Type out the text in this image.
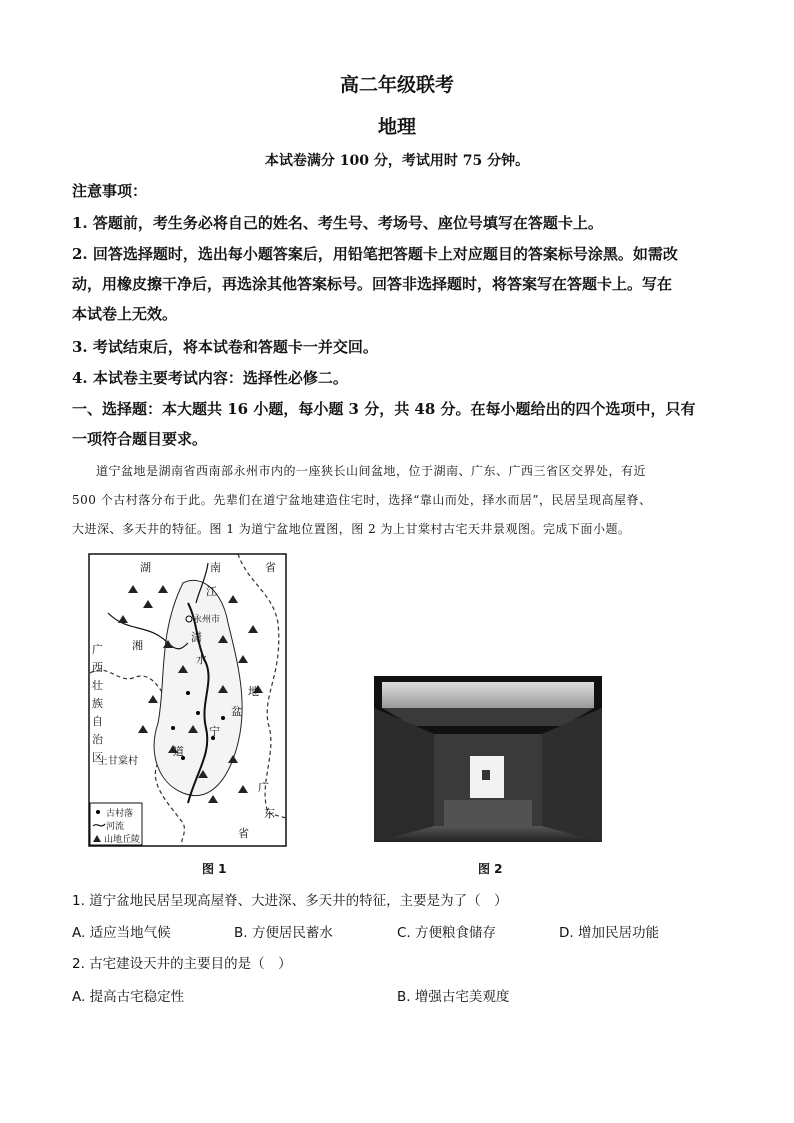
高二年级联考
地理
本试卷满分 100 分，考试用时 75 分钟。
注意事项：
1. 答题前，考生务必将自己的姓名、考生号、考场号、座位号填写在答题卡上。
2. 回答选择题时，选出每小题答案后，用铅笔把答题卡上对应题目的答案标号涂黑。如需改
动，用橡皮擦干净后，再选涂其他答案标号。回答非选择题时，将答案写在答题卡上。写在
本试卷上无效。
3. 考试结束后，将本试卷和答题卡一并交回。
4. 本试卷主要考试内容：选择性必修二。
一、选择题：本大题共 16 小题，每小题 3 分，共 48 分。在每小题给出的四个选项中，只有
一项符合题目要求。

道宁盆地是湖南省西南部永州市内的一座狭长山间盆地，位于湖南、广东、广西三省区交界处，有近

500 个古村落分布于此。先辈们在道宁盆地建造住宅时，选择“靠山而处，择水而居”，民居呈现高屋脊、

大进深、多天井的特征。图 1 为道宁盆地位置图，图 2 为上甘棠村古宅天井景观图。完成下面小题。

湖	南	省
江
湘
永州市
潇
水
广
西
壮
族
自
治
区
地
盆
宁
道
上甘棠村
广
东
省
古村落
河流
山地丘陵
图 1	图 2
1. 道宁盆地民居呈现高屋脊、大进深、多天井的特征，主要是为了（　）
A. 适应当地气候	B. 方便居民蓄水	C. 方便粮食储存	D. 增加民居功能
2. 古宅建设天井的主要目的是（　）
A. 提高古宅稳定性	B. 增强古宅美观度
